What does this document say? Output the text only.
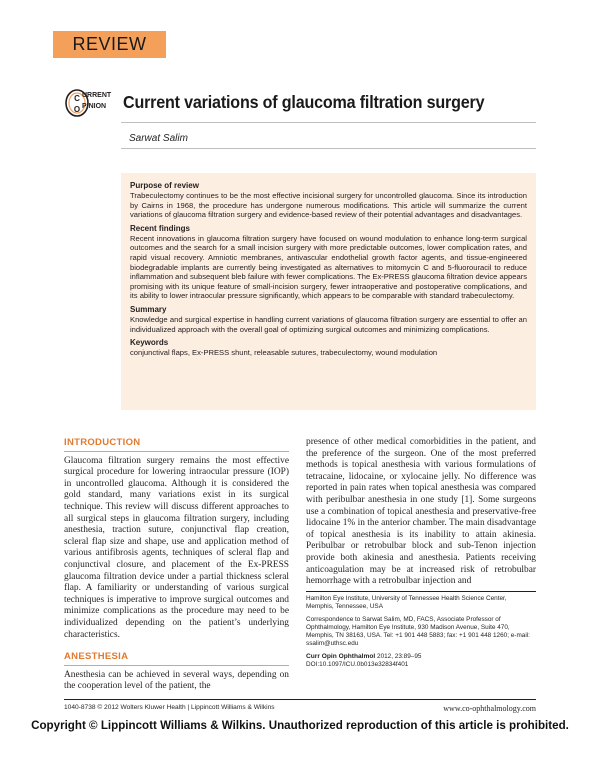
REVIEW
C
O
URRENT
PINION Current variations of glaucoma filtration surgery
Sarwat Salim
Purpose of review

Trabeculectomy continues to be the most effective incisional surgery for uncontrolled glaucoma. Since its introduction by Cairns in 1968, the procedure has undergone numerous modifications. This article will summarize the current variations of glaucoma filtration surgery and evidence-based review of their potential advantages and disadvantages.

Recent findings

Recent innovations in glaucoma filtration surgery have focused on wound modulation to enhance long-term surgical outcomes and the search for a small incision surgery with more predictable outcomes, lower complication rates, and rapid visual recovery. Amniotic membranes, antivascular endothelial growth factor agents, and tissue-engineered biodegradable implants are currently being investigated as alternatives to mitomycin C and 5-fluorouracil to reduce inflammation and subsequent bleb failure with fewer complications. The Ex-PRESS glaucoma filtration device appears promising with its unique feature of small-incision surgery, fewer intraoperative and postoperative complications, and its ability to lower intraocular pressure significantly, which appears to be comparable with standard trabeculectomy.

Summary

Knowledge and surgical expertise in handling current variations of glaucoma filtration surgery are essential to offer an individualized approach with the overall goal of optimizing surgical outcomes and minimizing complications.

Keywords

conjunctival flaps, Ex-PRESS shunt, releasable sutures, trabeculectomy, wound modulation

INTRODUCTION

Glaucoma filtration surgery remains the most effective surgical procedure for lowering intraocular pressure (IOP) in uncontrolled glaucoma. Although it is considered the gold standard, many variations exist in its surgical technique. This review will discuss different approaches to all surgical steps in glaucoma filtration surgery, including anesthesia, traction suture, conjunctival flap creation, scleral flap size and shape, use and application method of various antifibrosis agents, techniques of scleral flap and conjunctival closure, and placement of the Ex-PRESS glaucoma filtration device under a partial thickness scleral flap. A familiarity or understanding of various surgical techniques is imperative to improve surgical outcomes and minimize complications as the procedure may need to be individualized depending on the patient’s underlying characteristics.

ANESTHESIA

Anesthesia can be achieved in several ways, depending on the cooperation level of the patient, the

presence of other medical comorbidities in the patient, and the preference of the surgeon. One of the most preferred methods is topical anesthesia with various formulations of tetracaine, lidocaine, or xylocaine jelly. No difference was reported in pain rates when topical anesthesia was compared with peribulbar anesthesia in one study [1]. Some surgeons use a combination of topical anesthesia and preservative-free lidocaine 1% in the anterior chamber. The main disadvantage of topical anesthesia is its inability to attain akinesia. Peribulbar or retrobulbar block and sub-Tenon injection provide both akinesia and anesthesia. Patients receiving anticoagulation may be at increased risk of retrobulbar hemorrhage with a retrobulbar injection and

Hamilton Eye Institute, University of Tennessee Health Science Center, Memphis, Tennessee, USA

Correspondence to Sarwat Salim, MD, FACS, Associate Professor of Ophthalmology, Hamilton Eye Institute, 930 Madison Avenue, Suite 470, Memphis, TN 38163, USA. Tel: +1 901 448 5883; fax: +1 901 448 1260; e-mail: ssalim@uthsc.edu

Curr Opin Ophthalmol 2012, 23:89–95

DOI:10.1097/ICU.0b013e32834f401

1040-8738 © 2012 Wolters Kluwer Health | Lippincott Williams & Wilkins	www.co-ophthalmology.com
Copyright © Lippincott Williams & Wilkins. Unauthorized reproduction of this article is prohibited.
